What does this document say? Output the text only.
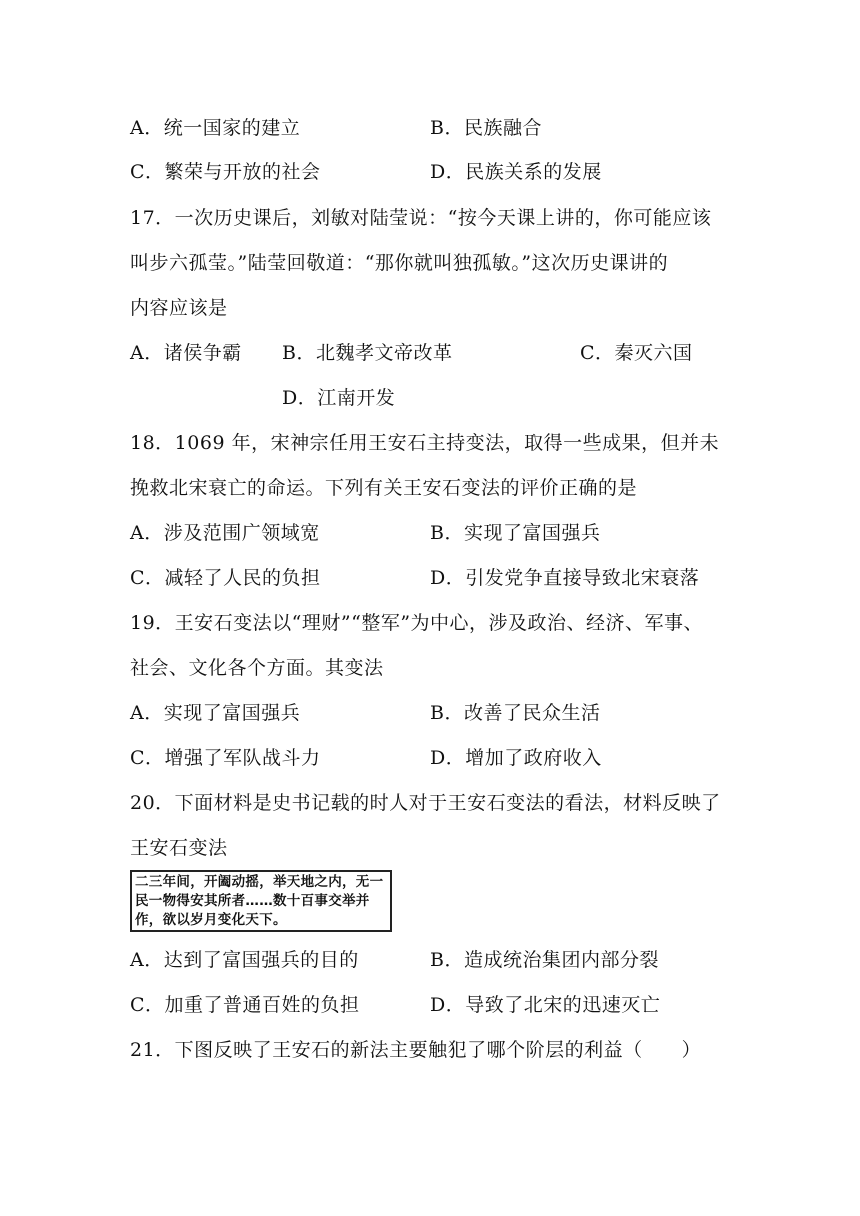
A．统一国家的建立	B．民族融合
C．繁荣与开放的社会	D．民族关系的发展
17．一次历史课后，刘敏对陆莹说：“按今天课上讲的，你可能应该
叫步六孤莹。”陆莹回敬道：“那你就叫独孤敏。”这次历史课讲的
内容应该是
A．诸侯争霸 B．北魏孝文帝改革	C．秦灭六国
D．江南开发
18．1069 年，宋神宗任用王安石主持变法，取得一些成果，但并未
挽救北宋衰亡的命运。下列有关王安石变法的评价正确的是
A．涉及范围广领域宽	B．实现了富国强兵
C．减轻了人民的负担	D．引发党争直接导致北宋衰落
19．王安石变法以“理财”“整军”为中心，涉及政治、经济、军事、
社会、文化各个方面。其变法
A．实现了富国强兵	B．改善了民众生活
C．增强了军队战斗力	D．增加了政府收入
20．下面材料是史书记载的时人对于王安石变法的看法，材料反映了
王安石变法
二三年间，开阖动摇，举天地之内，无一
民一物得安其所者……数十百事交举并
作，欲以岁月变化天下。
A．达到了富国强兵的目的	B．造成统治集团内部分裂
C．加重了普通百姓的负担	D．导致了北宋的迅速灭亡
21．下图反映了王安石的新法主要触犯了哪个阶层的利益（　　）
